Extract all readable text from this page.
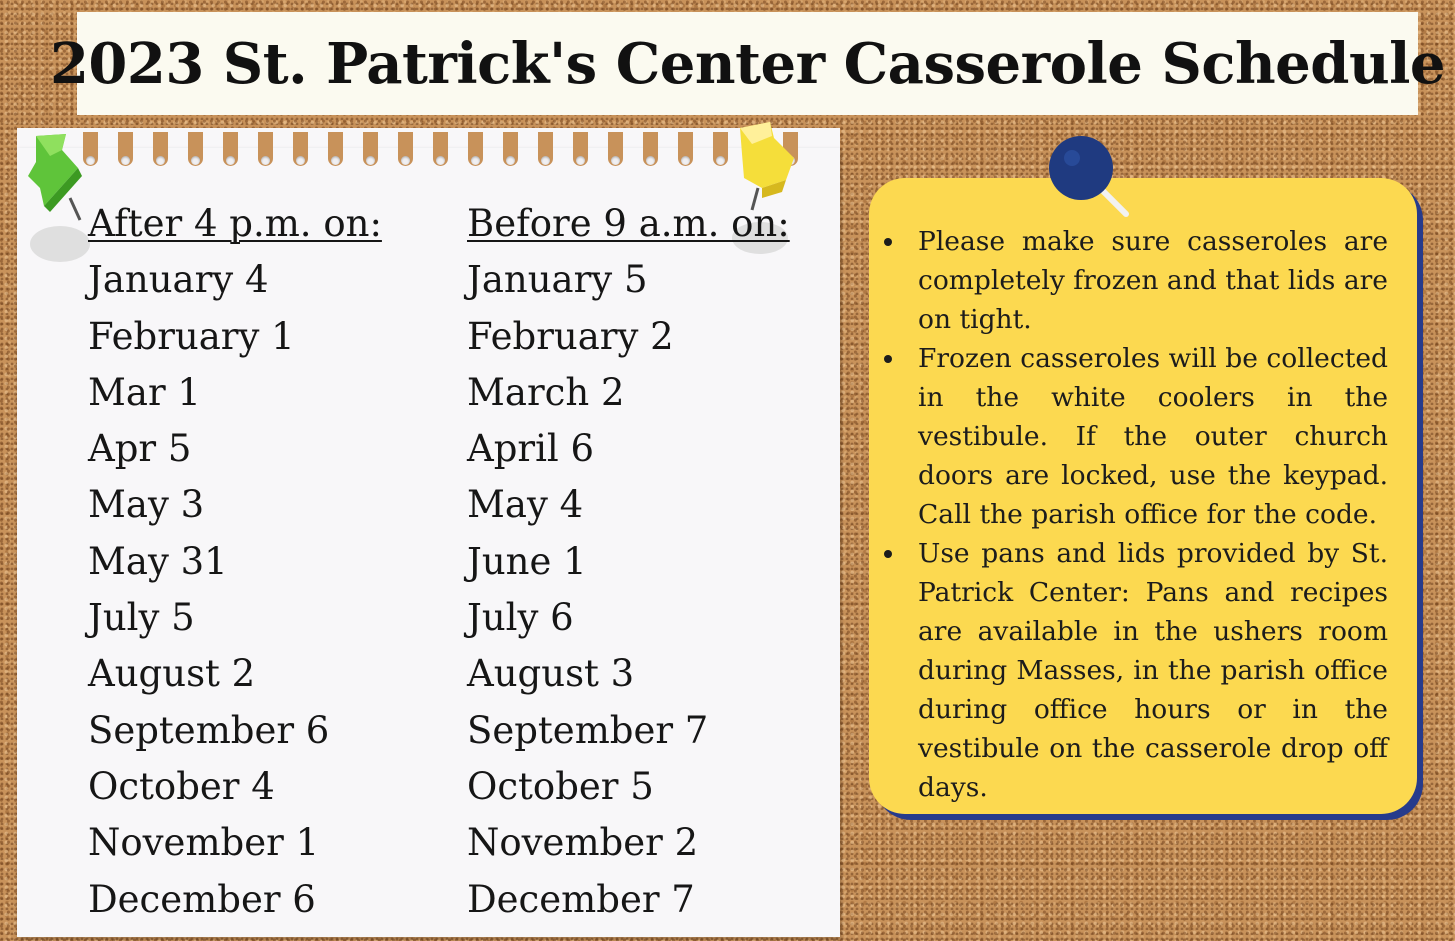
2023 St. Patrick's Center Casserole Schedule
After 4 p.m. on:
January 4
February 1
Mar 1
Apr 5
May 3
May 31
July 5
August 2
September 6
October 4
November 1
December 6
Before 9 a.m. on:
January 5
February 2
March 2
April 6
May 4
June 1
July 6
August 3
September 7
October 5
November 2
December 7
Please make sure casseroles are completely frozen and that lids are on tight.
Frozen casseroles will be collected in the white coolers in the vestibule. If the outer church doors are locked, use the keypad. Call the parish office for the code.
Use pans and lids provided by St. Patrick Center: Pans and recipes are available in the ushers room during Masses, in the parish office during office hours or in the vestibule on the casserole drop off days.
